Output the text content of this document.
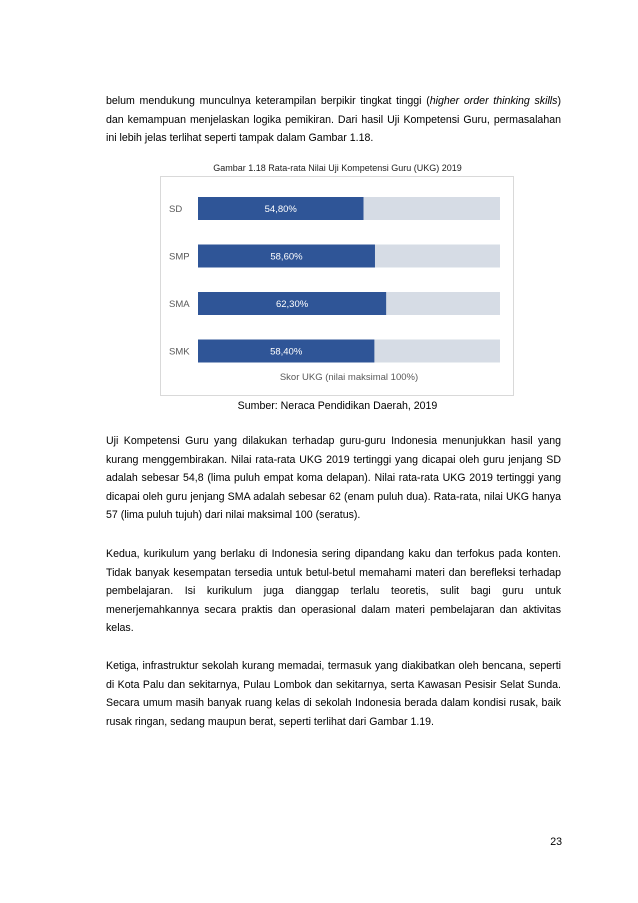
belum mendukung munculnya keterampilan berpikir tingkat tinggi (higher order thinking skills) dan kemampuan menjelaskan logika pemikiran. Dari hasil Uji Kompetensi Guru, permasalahan ini lebih jelas terlihat seperti tampak dalam Gambar 1.18.

Gambar 1.18 Rata-rata Nilai Uji Kompetensi Guru (UKG) 2019
SD	54,80%
SMP	58,60%
SMA	62,30%
SMK	58,40%
Skor UKG (nilai maksimal 100%)
Sumber: Neraca Pendidikan Daerah, 2019

Uji Kompetensi Guru yang dilakukan terhadap guru-guru Indonesia menunjukkan hasil yang kurang menggembirakan. Nilai rata-rata UKG 2019 tertinggi yang dicapai oleh guru jenjang SD adalah sebesar 54,8 (lima puluh empat koma delapan). Nilai rata-rata UKG 2019 tertinggi yang dicapai oleh guru jenjang SMA adalah sebesar 62 (enam puluh dua). Rata-rata, nilai UKG hanya 57 (lima puluh tujuh) dari nilai maksimal 100 (seratus).

Kedua, kurikulum yang berlaku di Indonesia sering dipandang kaku dan terfokus pada konten. Tidak banyak kesempatan tersedia untuk betul-betul memahami materi dan berefleksi terhadap pembelajaran. Isi kurikulum juga dianggap terlalu teoretis, sulit bagi guru untuk menerjemahkannya secara praktis dan operasional dalam materi pembelajaran dan aktivitas kelas.

Ketiga, infrastruktur sekolah kurang memadai, termasuk yang diakibatkan oleh bencana, seperti di Kota Palu dan sekitarnya, Pulau Lombok dan sekitarnya, serta Kawasan Pesisir Selat Sunda. Secara umum masih banyak ruang kelas di sekolah Indonesia berada dalam kondisi rusak, baik rusak ringan, sedang maupun berat, seperti terlihat dari Gambar 1.19.

23
